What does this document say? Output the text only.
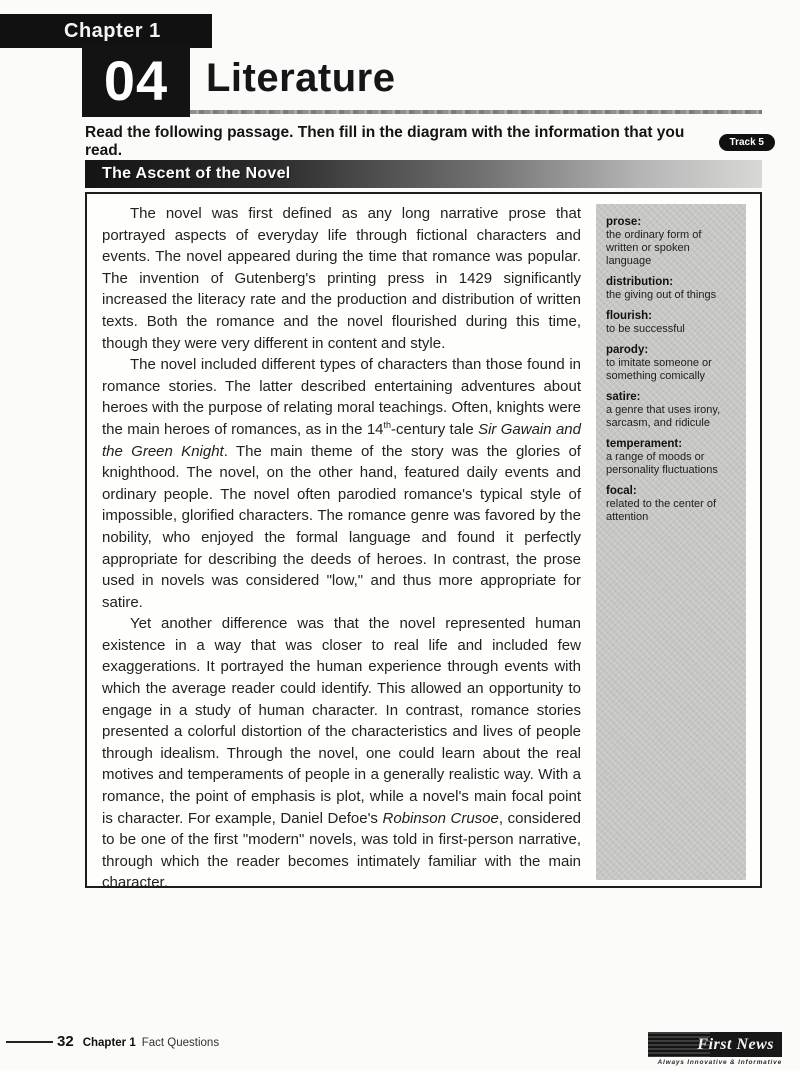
Chapter 1
04 Literature
Read the following passage. Then fill in the diagram with the information that you read.	Track 5
The Ascent of the Novel

The novel was first defined as any long narrative prose that portrayed aspects of everyday life through fictional characters and events. The novel appeared during the time that romance was popular. The invention of Gutenberg's printing press in 1429 significantly increased the literacy rate and the production and distribution of written texts. Both the romance and the novel flourished during this time, though they were very different in content and style.

The novel included different types of characters than those found in romance stories. The latter described entertaining adventures about heroes with the purpose of relating moral teachings. Often, knights were the main heroes of romances, as in the 14th-century tale Sir Gawain and the Green Knight. The main theme of the story was the glories of knighthood. The novel, on the other hand, featured daily events and ordinary people. The novel often parodied romance's typical style of impossible, glorified characters. The romance genre was favored by the nobility, who enjoyed the formal language and found it perfectly appropriate for describing the deeds of heroes. In contrast, the prose used in novels was considered "low," and thus more appropriate for satire.

Yet another difference was that the novel represented human existence in a way that was closer to real life and included few exaggerations. It portrayed the human experience through events with which the average reader could identify. This allowed an opportunity to engage in a study of human character. In contrast, romance stories presented a colorful distortion of the characteristics and lives of people through idealism. Through the novel, one could learn about the real motives and temperaments of people in a generally realistic way. With a romance, the point of emphasis is plot, while a novel's main focal point is character. For example, Daniel Defoe's Robinson Crusoe, considered to be one of the first "modern" novels, was told in first-person narrative, through which the reader becomes intimately familiar with the main character.

prose:
the ordinary form of written or spoken language
distribution:
the giving out of things
flourish:
to be successful
parody:
to imitate someone or something comically
satire:
a genre that uses irony, sarcasm, and ridicule
temperament:
a range of moods or personality fluctuations
focal:
related to the center of attention
32 Chapter 1 Fact Questions	First News
Always Innovative & Informative
